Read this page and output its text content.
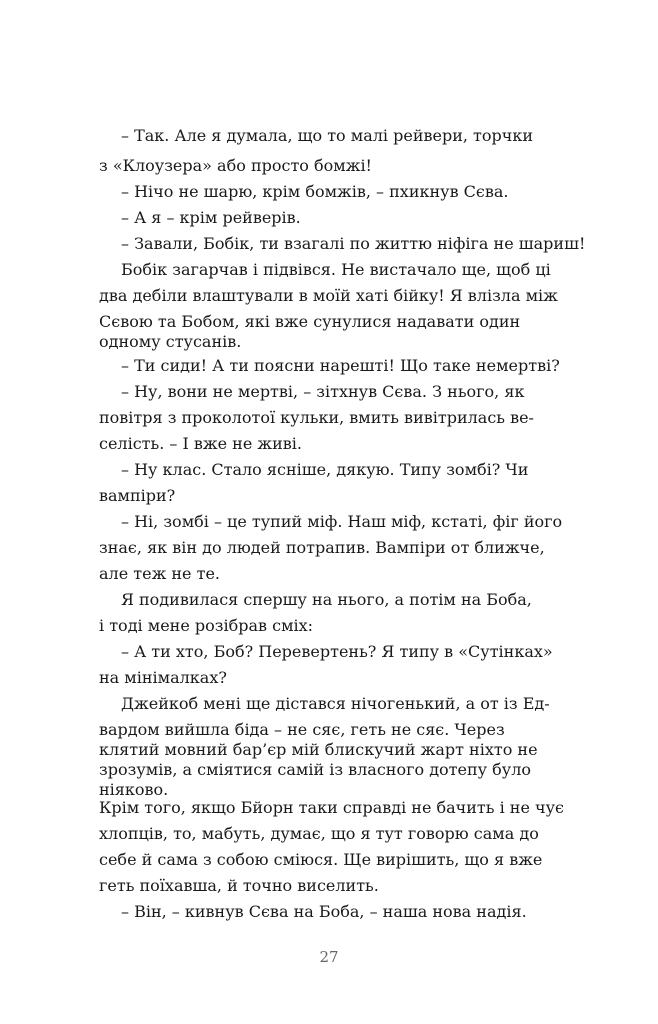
– Так. Але я думала, що то малі рейвери, торчки
з «Клоузера» або просто бомжі!
– Нічо не шарю, крім бомжів, – пхикнув Сєва.
– А я – крім рейверів.
– Завали, Бобік, ти взагалі по життю ніфіга не шариш!
Бобік загарчав і підвівся. Не вистачало ще, щоб ці
два дебіли влаштували в моїй хаті бійку! Я влізла між
Сєвою та Бобом, які вже сунулися надавати один одному стусанів.
– Ти сиди! А ти поясни нарешті! Що таке немертві?
– Ну, вони не мертві, – зітхнув Сєва. З нього, як
повітря з проколотої кульки, вмить вивітрилась ве-
селість. – І вже не живі.
– Ну клас. Стало ясніше, дякую. Типу зомбі? Чи
вампіри?
– Ні, зомбі – це тупий міф. Наш міф, кстаті, фіг його
знає, як він до людей потрапив. Вампіри от ближче,
але теж не те.
Я подивилася спершу на нього, а потім на Боба,
і тоді мене розібрав сміх:
– А ти хто, Боб? Перевертень? Я типу в «Сутінках»
на мінімалках?
Джейкоб мені ще дістався нічогенький, а от із Ед-
вардом вийшла біда – не сяє, геть не сяє. Через клятий мовний бар’єр мій блискучий жарт ніхто не зрозумів, а сміятися самій із власного дотепу було ніяково.
Крім того, якщо Бйорн таки справді не бачить і не чує
хлопців, то, мабуть, думає, що я тут говорю сама до
себе й сама з собою сміюся. Ще вирішить, що я вже
геть поїхавша, й точно виселить.
– Він, – кивнув Сєва на Боба, – наша нова надія.
27
